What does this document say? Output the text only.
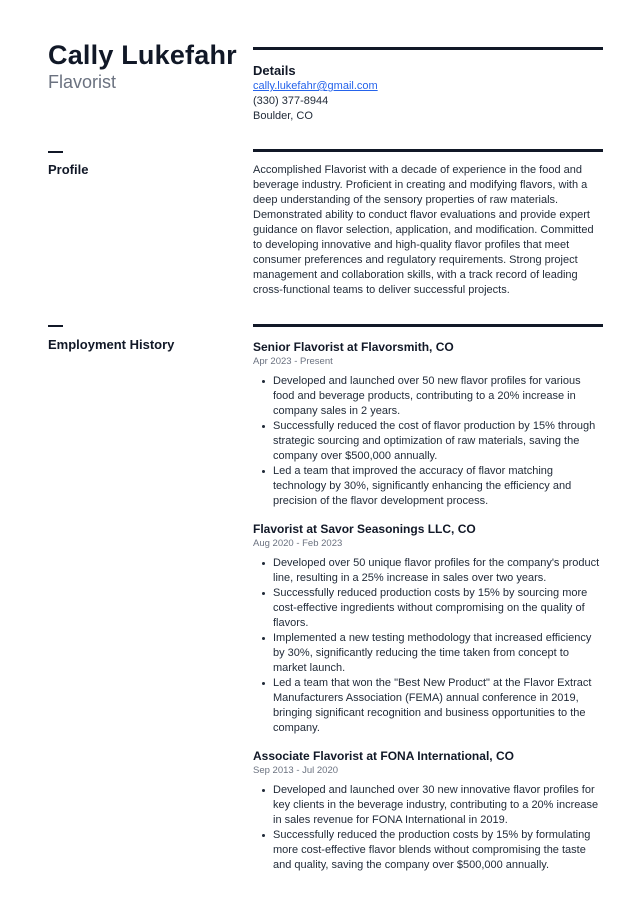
Cally Lukefahr
Flavorist
Details
cally.lukefahr@gmail.com
(330) 377-8944
Boulder, CO
Profile	Accomplished Flavorist with a decade of experience in the food and beverage industry. Proficient in creating and modifying flavors, with a deep understanding of the sensory properties of raw materials. Demonstrated ability to conduct flavor evaluations and provide expert guidance on flavor selection, application, and modification. Committed to developing innovative and high-quality flavor profiles that meet consumer preferences and regulatory requirements. Strong project management and collaboration skills, with a track record of leading cross-functional teams to deliver successful projects.
Employment History	Senior Flavorist at Flavorsmith, CO
Apr 2023 - Present
Developed and launched over 50 new flavor profiles for various food and beverage products, contributing to a 20% increase in company sales in 2 years.
Successfully reduced the cost of flavor production by 15% through strategic sourcing and optimization of raw materials, saving the company over $500,000 annually.
Led a team that improved the accuracy of flavor matching technology by 30%, significantly enhancing the efficiency and precision of the flavor development process.
Flavorist at Savor Seasonings LLC, CO
Aug 2020 - Feb 2023
Developed over 50 unique flavor profiles for the company's product line, resulting in a 25% increase in sales over two years.
Successfully reduced production costs by 15% by sourcing more cost-effective ingredients without compromising on the quality of flavors.
Implemented a new testing methodology that increased efficiency by 30%, significantly reducing the time taken from concept to market launch.
Led a team that won the "Best New Product" at the Flavor Extract Manufacturers Association (FEMA) annual conference in 2019, bringing significant recognition and business opportunities to the company.
Associate Flavorist at FONA International, CO
Sep 2013 - Jul 2020
Developed and launched over 30 new innovative flavor profiles for key clients in the beverage industry, contributing to a 20% increase in sales revenue for FONA International in 2019.
Successfully reduced the production costs by 15% by formulating more cost-effective flavor blends without compromising the taste and quality, saving the company over $500,000 annually.
